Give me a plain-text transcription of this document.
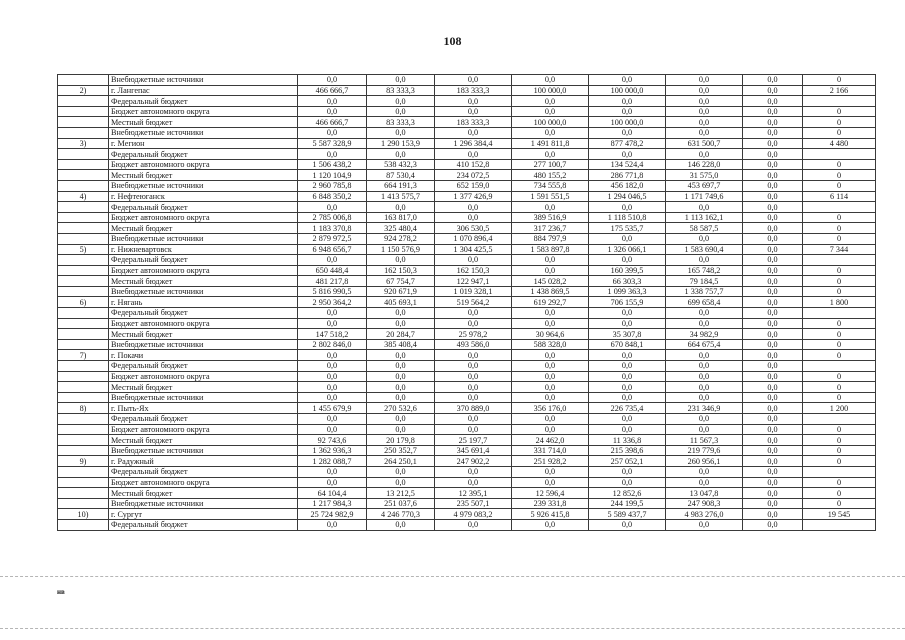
108
	Внебюджетные источники	0,0	0,0	0,0	0,0	0,0	0,0	0,0	0
2)	г. Лангепас	466 666,7	83 333,3	183 333,3	100 000,0	100 000,0	0,0	0,0	2 166
	Федеральный бюджет	0,0	0,0	0,0	0,0	0,0	0,0	0,0	
	Бюджет автономного округа	0,0	0,0	0,0	0,0	0,0	0,0	0,0	0
	Местный бюджет	466 666,7	83 333,3	183 333,3	100 000,0	100 000,0	0,0	0,0	0
	Внебюджетные источники	0,0	0,0	0,0	0,0	0,0	0,0	0,0	0
3)	г. Мегион	5 587 328,9	1 290 153,9	1 296 384,4	1 491 811,8	877 478,2	631 500,7	0,0	4 480
	Федеральный бюджет	0,0	0,0	0,0	0,0	0,0	0,0	0,0	
	Бюджет автономного округа	1 506 438,2	538 432,3	410 152,8	277 100,7	134 524,4	146 228,0	0,0	0
	Местный бюджет	1 120 104,9	87 530,4	234 072,5	480 155,2	286 771,8	31 575,0	0,0	0
	Внебюджетные источники	2 960 785,8	664 191,3	652 159,0	734 555,8	456 182,0	453 697,7	0,0	0
4)	г. Нефтеюганск	6 848 350,2	1 413 575,7	1 377 426,9	1 591 551,5	1 294 046,5	1 171 749,6	0,0	6 114
	Федеральный бюджет	0,0	0,0	0,0	0,0	0,0	0,0	0,0	
	Бюджет автономного округа	2 785 006,8	163 817,0	0,0	389 516,9	1 118 510,8	1 113 162,1	0,0	0
	Местный бюджет	1 183 370,8	325 480,4	306 530,5	317 236,7	175 535,7	58 587,5	0,0	0
	Внебюджетные источники	2 879 972,5	924 278,2	1 070 896,4	884 797,9	0,0	0,0	0,0	0
5)	г. Нижневартовск	6 948 656,7	1 150 576,9	1 304 425,5	1 583 897,8	1 326 066,1	1 583 690,4	0,0	7 344
	Федеральный бюджет	0,0	0,0	0,0	0,0	0,0	0,0	0,0	
	Бюджет автономного округа	650 448,4	162 150,3	162 150,3	0,0	160 399,5	165 748,2	0,0	0
	Местный бюджет	481 217,8	67 754,7	122 947,1	145 028,2	66 303,3	79 184,5	0,0	0
	Внебюджетные источники	5 816 990,5	920 671,9	1 019 328,1	1 438 869,5	1 099 363,3	1 338 757,7	0,0	0
6)	г. Нягань	2 950 364,2	405 693,1	519 564,2	619 292,7	706 155,9	699 658,4	0,0	1 800
	Федеральный бюджет	0,0	0,0	0,0	0,0	0,0	0,0	0,0	
	Бюджет автономного округа	0,0	0,0	0,0	0,0	0,0	0,0	0,0	0
	Местный бюджет	147 518,2	20 284,7	25 978,2	30 964,6	35 307,8	34 982,9	0,0	0
	Внебюджетные источники	2 802 846,0	385 408,4	493 586,0	588 328,0	670 848,1	664 675,4	0,0	0
7)	г. Покачи	0,0	0,0	0,0	0,0	0,0	0,0	0,0	0
	Федеральный бюджет	0,0	0,0	0,0	0,0	0,0	0,0	0,0	
	Бюджет автономного округа	0,0	0,0	0,0	0,0	0,0	0,0	0,0	0
	Местный бюджет	0,0	0,0	0,0	0,0	0,0	0,0	0,0	0
	Внебюджетные источники	0,0	0,0	0,0	0,0	0,0	0,0	0,0	0
8)	г. Пыть-Ях	1 455 679,9	270 532,6	370 889,0	356 176,0	226 735,4	231 346,9	0,0	1 200
	Федеральный бюджет	0,0	0,0	0,0	0,0	0,0	0,0	0,0	
	Бюджет автономного округа	0,0	0,0	0,0	0,0	0,0	0,0	0,0	0
	Местный бюджет	92 743,6	20 179,8	25 197,7	24 462,0	11 336,8	11 567,3	0,0	0
	Внебюджетные источники	1 362 936,3	250 352,7	345 691,4	331 714,0	215 398,6	219 779,6	0,0	0
9)	г. Радужный	1 282 088,7	264 250,1	247 902,2	251 928,2	257 052,1	260 956,1	0,0	0
	Федеральный бюджет	0,0	0,0	0,0	0,0	0,0	0,0	0,0	
	Бюджет автономного округа	0,0	0,0	0,0	0,0	0,0	0,0	0,0	0
	Местный бюджет	64 104,4	13 212,5	12 395,1	12 596,4	12 852,6	13 047,8	0,0	0
	Внебюджетные источники	1 217 984,3	251 037,6	235 507,1	239 331,8	244 199,5	247 908,3	0,0	0
10)	г. Сургут	25 724 982,9	4 246 770,3	4 979 083,2	5 926 415,8	5 589 437,7	4 983 276,0	0,0	19 545
	Федеральный бюджет	0,0	0,0	0,0	0,0	0,0	0,0	0,0	
нв
